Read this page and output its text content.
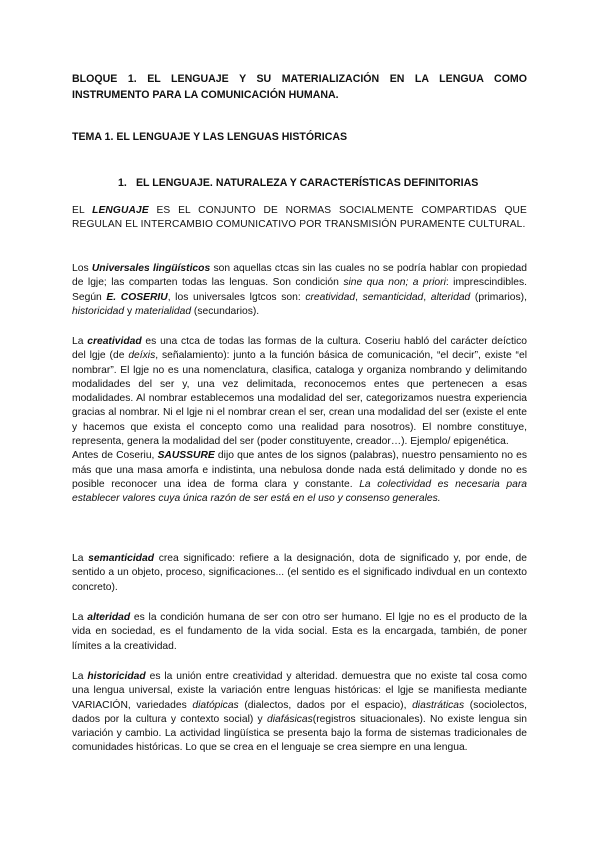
BLOQUE 1. EL LENGUAJE Y SU MATERIALIZACIÓN EN LA LENGUA COMO INSTRUMENTO PARA LA COMUNICACIÓN HUMANA.

TEMA 1. EL LENGUAJE Y LAS LENGUAS HISTÓRICAS

1. EL LENGUAJE. NATURALEZA Y CARACTERÍSTICAS DEFINITORIAS

EL LENGUAJE ES EL CONJUNTO DE NORMAS SOCIALMENTE COMPARTIDAS QUE REGULAN EL INTERCAMBIO COMUNICATIVO POR TRANSMISIÓN PURAMENTE CULTURAL.

Los Universales lingüísticos son aquellas ctcas sin las cuales no se podría hablar con propiedad de lgje; las comparten todas las lenguas. Son condición sine qua non; a priori: imprescindibles. Según E. COSERIU, los universales lgtcos son: creatividad, semanticidad, alteridad (primarios), historicidad y materialidad (secundarios).

La creatividad es una ctca de todas las formas de la cultura. Coseriu habló del carácter deíctico del lgje (de deíxis, señalamiento): junto a la función básica de comunicación, “el decir”, existe “el nombrar”. El lgje no es una nomenclatura, clasifica, cataloga y organiza nombrando y delimitando modalidades del ser y, una vez delimitada, reconocemos entes que pertenecen a esas modalidades. Al nombrar establecemos una modalidad del ser, categorizamos nuestra experiencia gracias al nombrar. Ni el lgje ni el nombrar crean el ser, crean una modalidad del ser (existe el ente y hacemos que exista el concepto como una realidad para nosotros). El nombre constituye, representa, genera la modalidad del ser (poder constituyente, creador…). Ejemplo/ epigenética.
Antes de Coseriu, SAUSSURE dijo que antes de los signos (palabras), nuestro pensamiento no es más que una masa amorfa e indistinta, una nebulosa donde nada está delimitado y donde no es posible reconocer una idea de forma clara y constante. La colectividad es necesaria para establecer valores cuya única razón de ser está en el uso y consenso generales.

La semanticidad crea significado: refiere a la designación, dota de significado y, por ende, de sentido a un objeto, proceso, significaciones... (el sentido es el significado indivdual en un contexto concreto).

La alteridad es la condición humana de ser con otro ser humano. El lgje no es el producto de la vida en sociedad, es el fundamento de la vida social. Esta es la encargada, también, de poner límites a la creatividad.

La historicidad es la unión entre creatividad y alteridad. demuestra que no existe tal cosa como una lengua universal, existe la variación entre lenguas históricas: el lgje se manifiesta mediante VARIACIÓN, variedades diatópicas (dialectos, dados por el espacio), diastráticas (sociolectos, dados por la cultura y contexto social) y diafásicas(registros situacionales). No existe lengua sin variación y cambio. La actividad lingüística se presenta bajo la forma de sistemas tradicionales de comunidades históricas. Lo que se crea en el lenguaje se crea siempre en una lengua.
